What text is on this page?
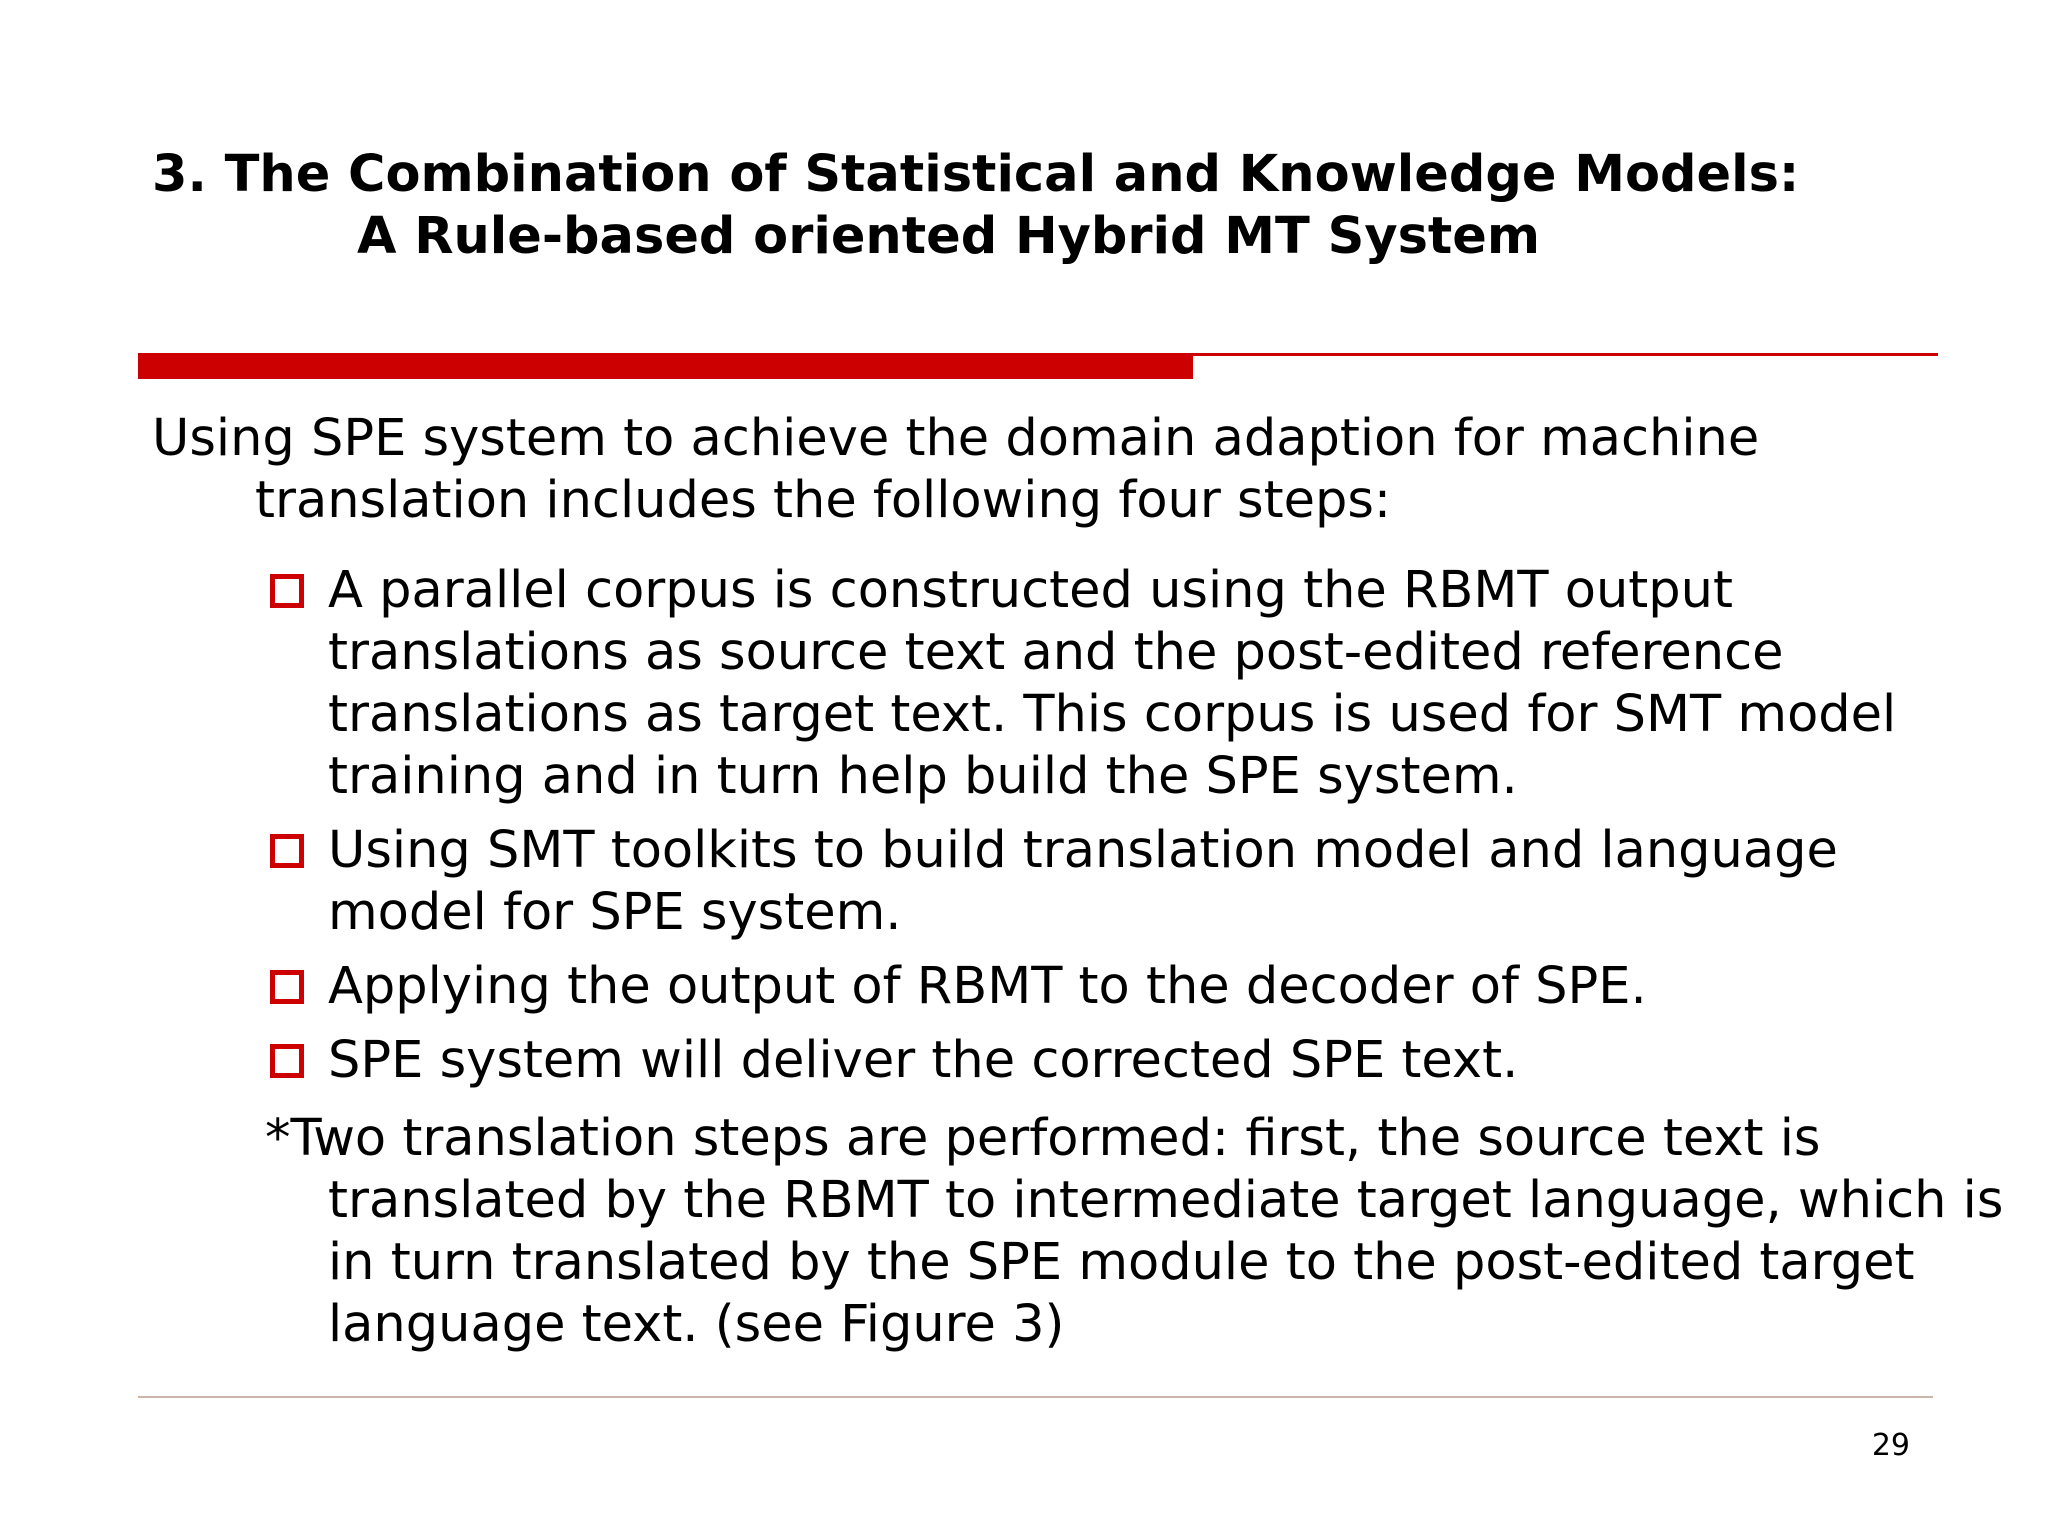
3. The Combination of Statistical and Knowledge Models:
A Rule-based oriented Hybrid MT System

Using SPE system to achieve the domain adaption for machine translation includes the following four steps:

A parallel corpus is constructed using the RBMT output translations as source text and the post-edited reference translations as target text. This corpus is used for SMT model training and in turn help build the SPE system.
Using SMT toolkits to build translation model and language model for SPE system.
Applying the output of RBMT to the decoder of SPE.
SPE system will deliver the corrected SPE text.

*Two translation steps are performed: first, the source text is translated by the RBMT to intermediate target language, which is in turn translated by the SPE module to the post-edited target language text. (see Figure 3)

29
